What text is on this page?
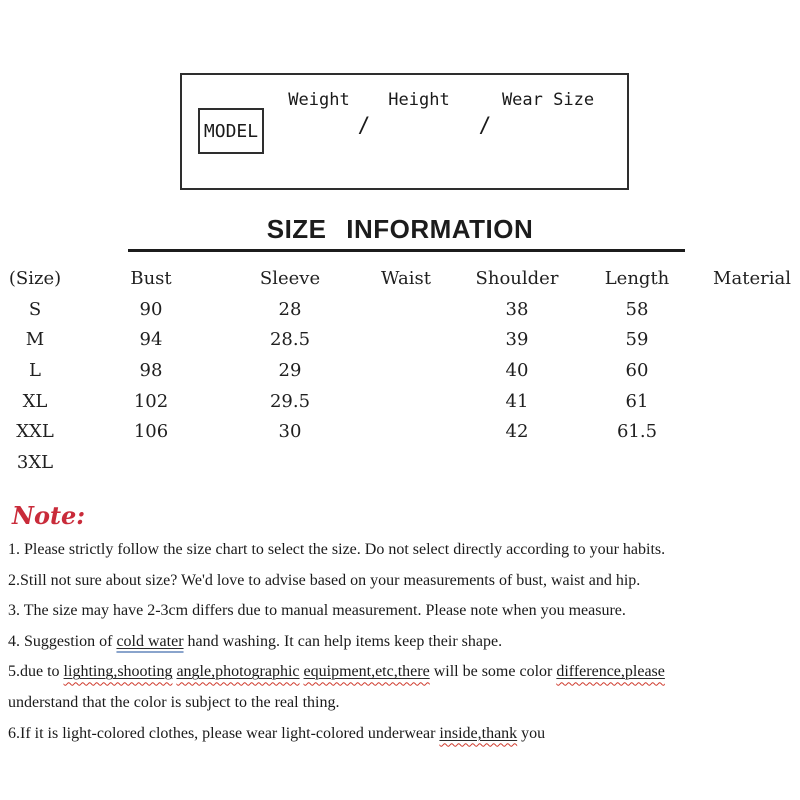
MODEL
Weight Height	Wear Size
/	/
SIZE INFORMATION
(Size)	Bust	Sleeve	Waist	Shoulder	Length	Material
S	90	28		38	58	
M	94	28.5		39	59	
L	98	29		40	60	
XL	102	29.5		41	61	
XXL	106	30		42	61.5	
3XL						
Note:
1. Please strictly follow the size chart to select the size. Do not select directly according to your habits.
2.Still not sure about size? We'd love to advise based on your measurements of bust, waist and hip.
3. The size may have 2-3cm differs due to manual measurement. Please note when you measure.
4. Suggestion of cold water hand washing. It can help items keep their shape.
5.due to lighting,shooting angle,photographic equipment,etc,there will be some color difference,please
understand that the color is subject to the real thing.
6.If it is light-colored clothes, please wear light-colored underwear inside,thank you
